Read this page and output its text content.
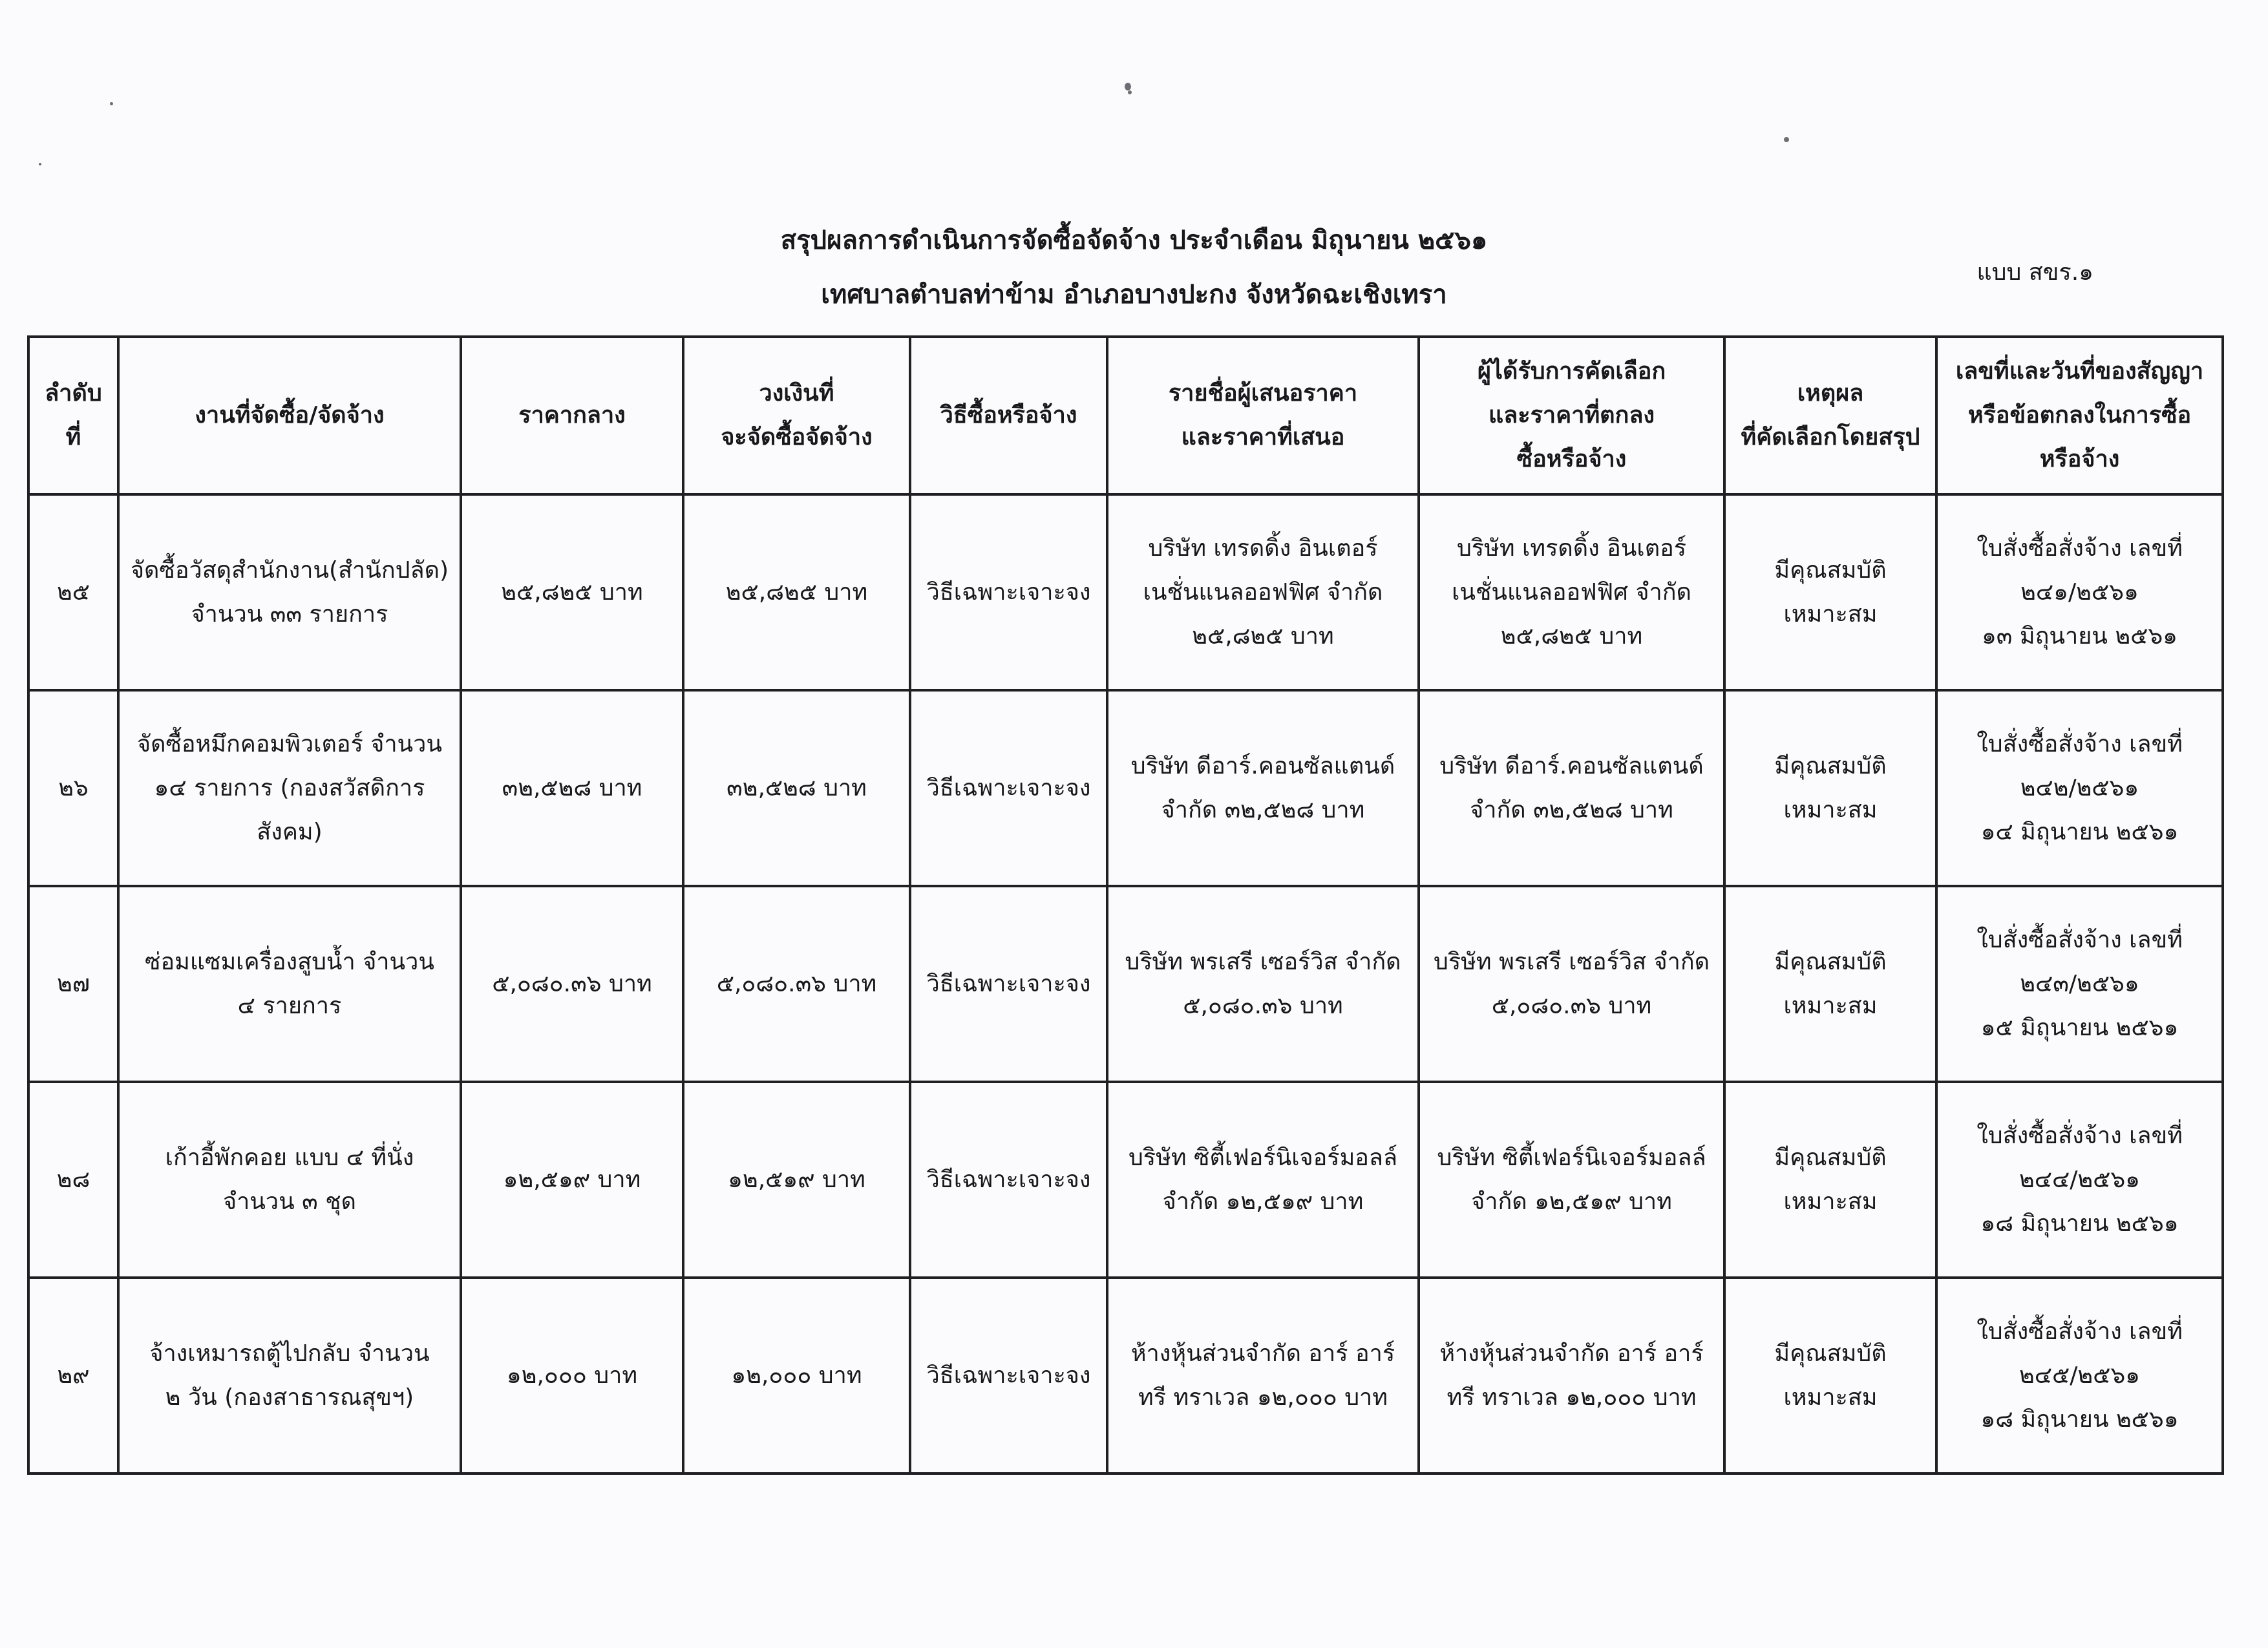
สรุปผลการดำเนินการจัดซื้อจัดจ้าง ประจำเดือน มิถุนายน ๒๕๖๑
เทศบาลตำบลท่าข้าม อำเภอบางปะกง จังหวัดฉะเชิงเทรา
แบบ สขร.๑
ลำดับที่	งานที่จัดซื้อ/จัดจ้าง	ราคากลาง	วงเงินที่
จะจัดซื้อจัดจ้าง	วิธีซื้อหรือจ้าง	รายชื่อผู้เสนอราคา
และราคาที่เสนอ	ผู้ได้รับการคัดเลือก
และราคาที่ตกลง
ซื้อหรือจ้าง	เหตุผล
ที่คัดเลือกโดยสรุป	เลขที่และวันที่ของสัญญา
หรือข้อตกลงในการซื้อ
หรือจ้าง

๒๕	จัดซื้อวัสดุสำนักงาน(สำนักปลัด)
จำนวน ๓๓ รายการ	๒๕,๘๒๕ บาท	๒๕,๘๒๕ บาท	วิธีเฉพาะเจาะจง	บริษัท เทรดดิ้ง อินเตอร์
เนชั่นแนลออฟฟิศ จำกัด
๒๕,๘๒๕ บาท	บริษัท เทรดดิ้ง อินเตอร์
เนชั่นแนลออฟฟิศ จำกัด
๒๕,๘๒๕ บาท	มีคุณสมบัติ
เหมาะสม	ใบสั่งซื้อสั่งจ้าง เลขที่
๒๔๑/๒๕๖๑
๑๓ มิถุนายน ๒๕๖๑

๒๖	จัดซื้อหมึกคอมพิวเตอร์ จำนวน
๑๔ รายการ (กองสวัสดิการ
สังคม)	๓๒,๕๒๘ บาท	๓๒,๕๒๘ บาท	วิธีเฉพาะเจาะจง	บริษัท ดีอาร์.คอนซัลแตนด์
จำกัด ๓๒,๕๒๘ บาท	บริษัท ดีอาร์.คอนซัลแตนด์
จำกัด ๓๒,๕๒๘ บาท	มีคุณสมบัติ
เหมาะสม	ใบสั่งซื้อสั่งจ้าง เลขที่
๒๔๒/๒๕๖๑
๑๔ มิถุนายน ๒๕๖๑

๒๗	ซ่อมแซมเครื่องสูบน้ำ จำนวน
๔ รายการ	๕,๐๘๐.๓๖ บาท	๕,๐๘๐.๓๖ บาท	วิธีเฉพาะเจาะจง	บริษัท พรเสรี เซอร์วิส จำกัด
๕,๐๘๐.๓๖ บาท	บริษัท พรเสรี เซอร์วิส จำกัด
๕,๐๘๐.๓๖ บาท	มีคุณสมบัติ
เหมาะสม	ใบสั่งซื้อสั่งจ้าง เลขที่
๒๔๓/๒๕๖๑
๑๕ มิถุนายน ๒๕๖๑

๒๘	เก้าอี้พักคอย แบบ ๔ ที่นั่ง
จำนวน ๓ ชุด	๑๒,๕๑๙ บาท	๑๒,๕๑๙ บาท	วิธีเฉพาะเจาะจง	บริษัท ซิตี้เฟอร์นิเจอร์มอลล์
จำกัด ๑๒,๕๑๙ บาท	บริษัท ซิตี้เฟอร์นิเจอร์มอลล์
จำกัด ๑๒,๕๑๙ บาท	มีคุณสมบัติ
เหมาะสม	ใบสั่งซื้อสั่งจ้าง เลขที่
๒๔๔/๒๕๖๑
๑๘ มิถุนายน ๒๕๖๑

๒๙	จ้างเหมารถตู้ไปกลับ จำนวน
๒ วัน (กองสาธารณสุขฯ)	๑๒,๐๐๐ บาท	๑๒,๐๐๐ บาท	วิธีเฉพาะเจาะจง	ห้างหุ้นส่วนจำกัด อาร์ อาร์
ทรี ทราเวล ๑๒,๐๐๐ บาท	ห้างหุ้นส่วนจำกัด อาร์ อาร์
ทรี ทราเวล ๑๒,๐๐๐ บาท	มีคุณสมบัติ
เหมาะสม	ใบสั่งซื้อสั่งจ้าง เลขที่
๒๔๕/๒๕๖๑
๑๘ มิถุนายน ๒๕๖๑
